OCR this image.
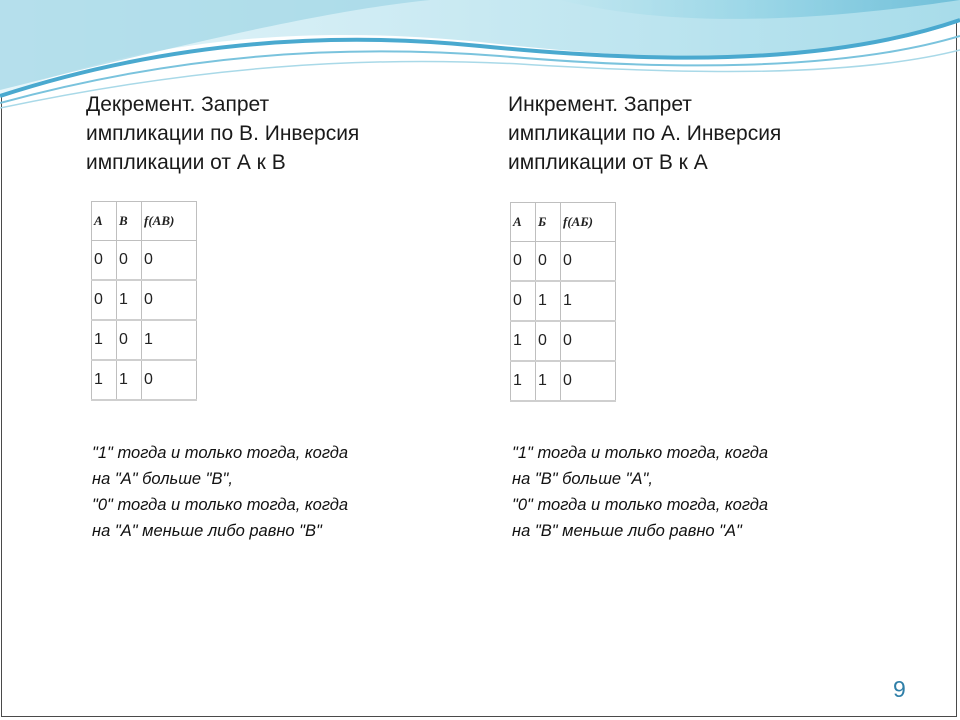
Декремент. Запрет
импликации по В. Инверсия
импликации от А к В
Инкремент. Запрет
импликации по А. Инверсия
импликации от В к А
A	B	f(AB)
0	0	0
0	1	0
1	0	1
1	1	0
A	Б	f(AБ)
0	0	0
0	1	1
1	0	0
1	1	0

"1" тогда и только тогда, когда
на "А" больше "В",
"0" тогда и только тогда, когда
на "А" меньше либо равно "В"

"1" тогда и только тогда, когда
на "В" больше "А",
"0" тогда и только тогда, когда
на "В" меньше либо равно "А"

9
